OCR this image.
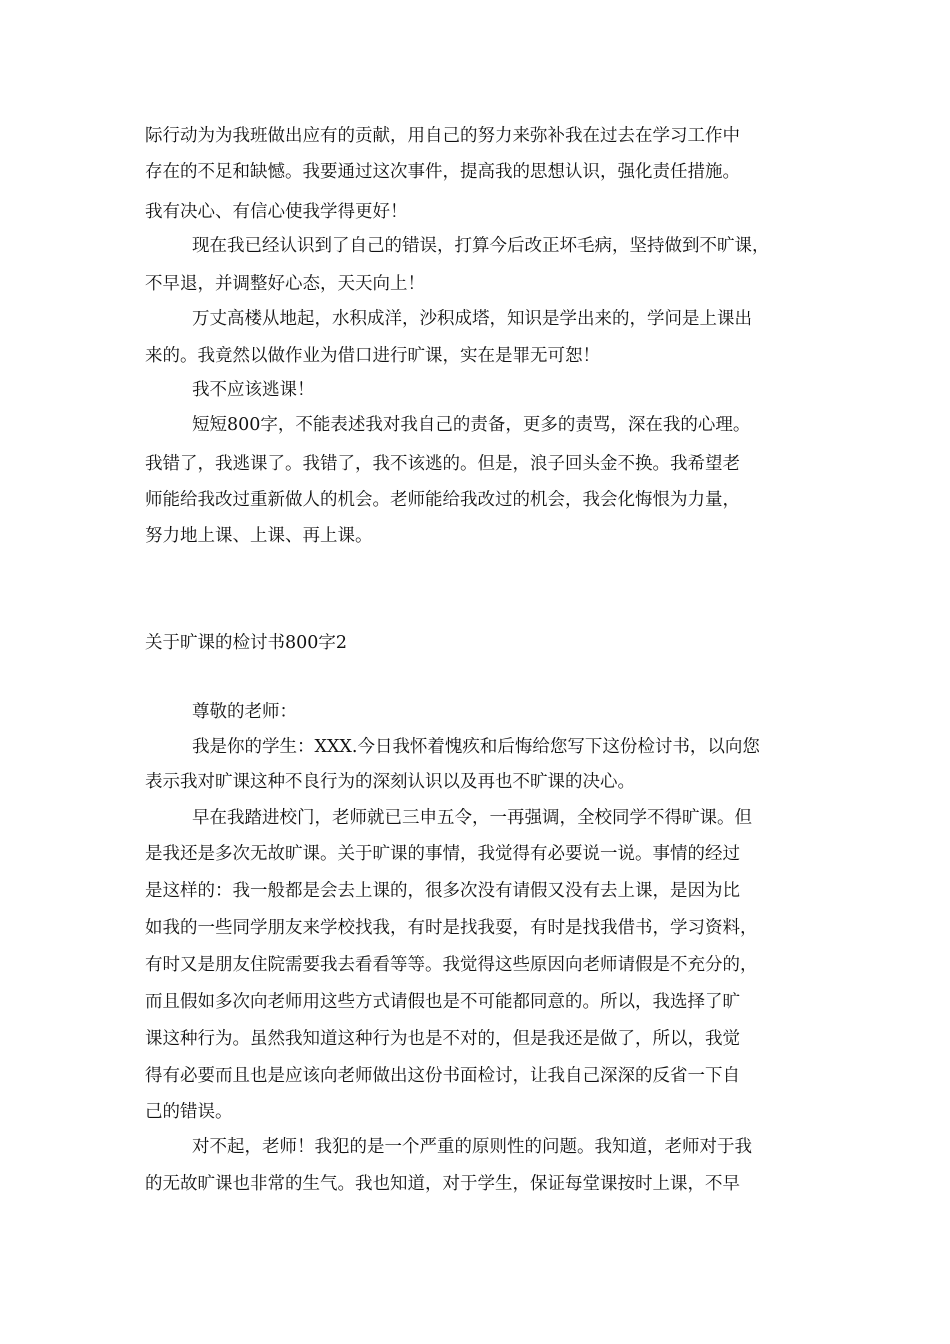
际行动为为我班做出应有的贡献，用自己的努力来弥补我在过去在学习工作中
存在的不足和缺憾。我要通过这次事件，提高我的思想认识，强化责任措施。
我有决心、有信心使我学得更好！
现在我已经认识到了自己的错误，打算今后改正坏毛病，坚持做到不旷课，
不早退，并调整好心态，天天向上！
万丈高楼从地起，水积成洋，沙积成塔，知识是学出来的，学问是上课出
来的。我竟然以做作业为借口进行旷课，实在是罪无可恕！
我不应该逃课！
短短800字，不能表述我对我自己的责备，更多的责骂，深在我的心理。
我错了，我逃课了。我错了，我不该逃的。但是，浪子回头金不换。我希望老
师能给我改过重新做人的机会。老师能给我改过的机会，我会化悔恨为力量，
努力地上课、上课、再上课。
关于旷课的检讨书800字2
尊敬的老师：
我是你的学生：XXX.今日我怀着愧疚和后悔给您写下这份检讨书，以向您
表示我对旷课这种不良行为的深刻认识以及再也不旷课的决心。
早在我踏进校门，老师就已三申五令，一再强调，全校同学不得旷课。但
是我还是多次无故旷课。关于旷课的事情，我觉得有必要说一说。事情的经过
是这样的：我一般都是会去上课的，很多次没有请假又没有去上课，是因为比
如我的一些同学朋友来学校找我，有时是找我耍，有时是找我借书，学习资料，
有时又是朋友住院需要我去看看等等。我觉得这些原因向老师请假是不充分的，
而且假如多次向老师用这些方式请假也是不可能都同意的。所以，我选择了旷
课这种行为。虽然我知道这种行为也是不对的，但是我还是做了，所以，我觉
得有必要而且也是应该向老师做出这份书面检讨，让我自己深深的反省一下自
己的错误。
对不起，老师！我犯的是一个严重的原则性的问题。我知道，老师对于我
的无故旷课也非常的生气。我也知道，对于学生，保证每堂课按时上课，不早
